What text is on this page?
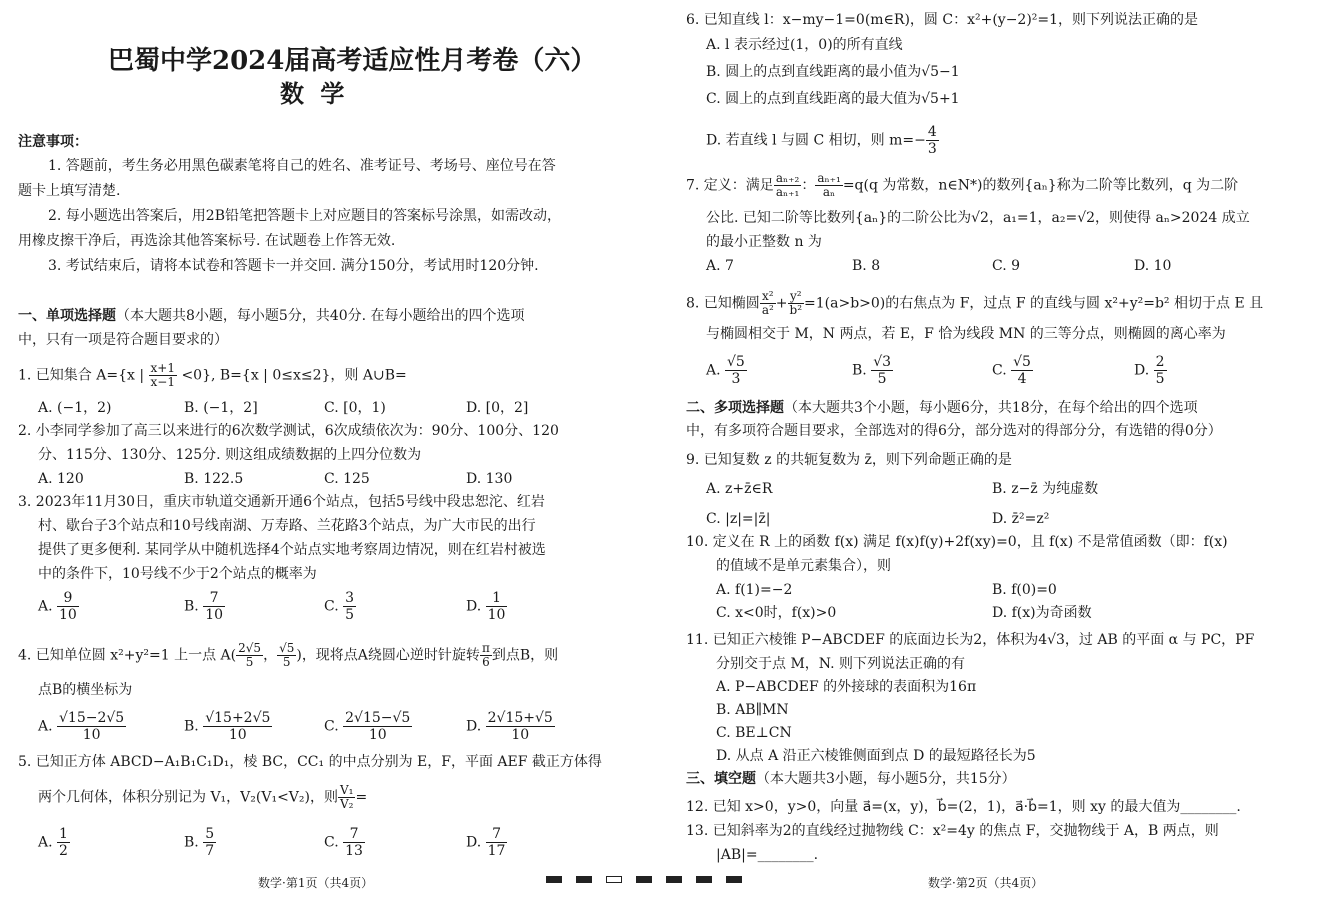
巴蜀中学2024届高考适应性月考卷（六）
数 学
注意事项：
1. 答题前，考生务必用黑色碳素笔将自己的姓名、准考证号、考场号、座位号在答
题卡上填写清楚.
2. 每小题选出答案后，用2B铅笔把答题卡上对应题目的答案标号涂黑，如需改动，
用橡皮擦干净后，再选涂其他答案标号. 在试题卷上作答无效.
3. 考试结束后，请将本试卷和答题卡一并交回. 满分150分，考试用时120分钟.
一、单项选择题（本大题共8小题，每小题5分，共40分. 在每小题给出的四个选项
中，只有一项是符合题目要求的）
1. 已知集合 A={x | $\frac{x+1}{x-1} <0$}, B={x | 0≤x≤2}，则 A∪B=
A. (−1，2)	B. (−1，2]	C. [0，1)	D. [0，2]
2. 小李同学参加了高三以来进行的6次数学测试，6次成绩依次为：90分、100分、120
分、115分、130分、125分. 则这组成绩数据的上四分位数为
A. 120	B. 122.5	C. 125	D. 130
3. 2023年11月30日，重庆市轨道交通新开通6个站点，包括5号线中段忠恕沱、红岩
村、歇台子3个站点和10号线南湖、万寿路、兰花路3个站点，为广大市民的出行
提供了更多便利. 某同学从中随机选择4个站点实地考察周边情况，则在红岩村被选
中的条件下，10号线不少于2个站点的概率为
A. $\frac{9}{10}$	B. $\frac{7}{10}$	C. $\frac{3}{5}$	D. $\frac{1}{10}$
4. 已知单位圆 x²+y²=1 上一点 $A( \frac{2√5}{5}$ ， $\frac{√5}{5}$ )，现将点A绕圆心逆时针旋转 $\frac{\pi}{6}$ 到点B，则
点B的横坐标为
A. $\frac{√15-2√5}{10}$	B. $\frac{√15+2√5}{10}$	C. $\frac{2√15-√5}{10}$	D. $\frac{2√15+√5}{10}$
5. 已知正方体 ABCD−A₁B₁C₁D₁，棱 BC，CC₁ 的中点分别为 E，F，平面 AEF 截正方体得
两个几何体，体积分别记为 V₁，V₂(V₁<V₂)，则 $\frac{\text{V₁}}{\text{V₂}}$ =
A. $\frac{1}{2}$	B. $\frac{5}{7}$	C. $\frac{7}{13}$	D. $\frac{7}{17}$
数学·第1页（共4页）	数学·第2页（共4页）
6. 已知直线 l：x−my−1=0(m∈R)，圆 C：x²+(y−2)²=1，则下列说法正确的是
A. l 表示经过(1，0)的所有直线
B. 圆上的点到直线距离的最小值为√5−1
C. 圆上的点到直线距离的最大值为√5+1
D. 若直线 l 与圆 C 相切，则 $m=- \frac{4}{3}$
7. 定义：满足 $\frac{\text{aₙ₊₂}}{\text{aₙ₊₁}}$ ： $\frac{\text{aₙ₊₁}}{\text{aₙ}} =q(q$ 为常数，n∈N*)的数列{aₙ}称为二阶等比数列，q 为二阶
公比. 已知二阶等比数列{aₙ}的二阶公比为√2，a₁=1，a₂=√2，则使得 aₙ>2024 成立
的最小正整数 n 为
A. 7	B. 8	C. 9	D. 10
8. 已知椭圆 $\frac{\text{x²}}{\text{a²}} + \frac{\text{y²}}{\text{b²}} =1(a>b>0)$的右焦点为 F，过点 F 的直线与圆 x²+y²=b² 相切于点 E 且
与椭圆相交于 M，N 两点，若 E，F 恰为线段 MN 的三等分点，则椭圆的离心率为
A. $\frac{√5}{3}$	B. $\frac{√3}{5}$	C. $\frac{√5}{4}$	D. $\frac{2}{5}$
二、多项选择题（本大题共3个小题，每小题6分，共18分，在每个给出的四个选项
中，有多项符合题目要求，全部选对的得6分，部分选对的得部分分，有选错的得0分）
9. 已知复数 z 的共轭复数为 z̄，则下列命题正确的是
A. z+z̄∈R	B. z−z̄ 为纯虚数
C. |z|=|z̄|	D. z̄²=z²
10. 定义在 R 上的函数 f(x) 满足 f(x)f(y)+2f(xy)=0，且 f(x) 不是常值函数（即：f(x)
的值域不是单元素集合），则
A. f(1)=−2	B. f(0)=0
C. x<0时，f(x)>0	D. f(x)为奇函数
11. 已知正六棱锥 P−ABCDEF 的底面边长为2，体积为4√3，过 AB 的平面 α 与 PC，PF
分别交于点 M，N. 则下列说法正确的有
A. P−ABCDEF 的外接球的表面积为16π
B. AB∥MN
C. BE⊥CN
D. 从点 A 沿正六棱锥侧面到点 D 的最短路径长为5
三、填空题（本大题共3小题，每小题5分，共15分）
12. 已知 x>0，y>0，向量 a⃗=(x，y)，b⃗=(2，1)，a⃗·b⃗=1，则 xy 的最大值为________.
13. 已知斜率为2的直线经过抛物线 C：x²=4y 的焦点 F，交抛物线于 A，B 两点，则
|AB|=________.
